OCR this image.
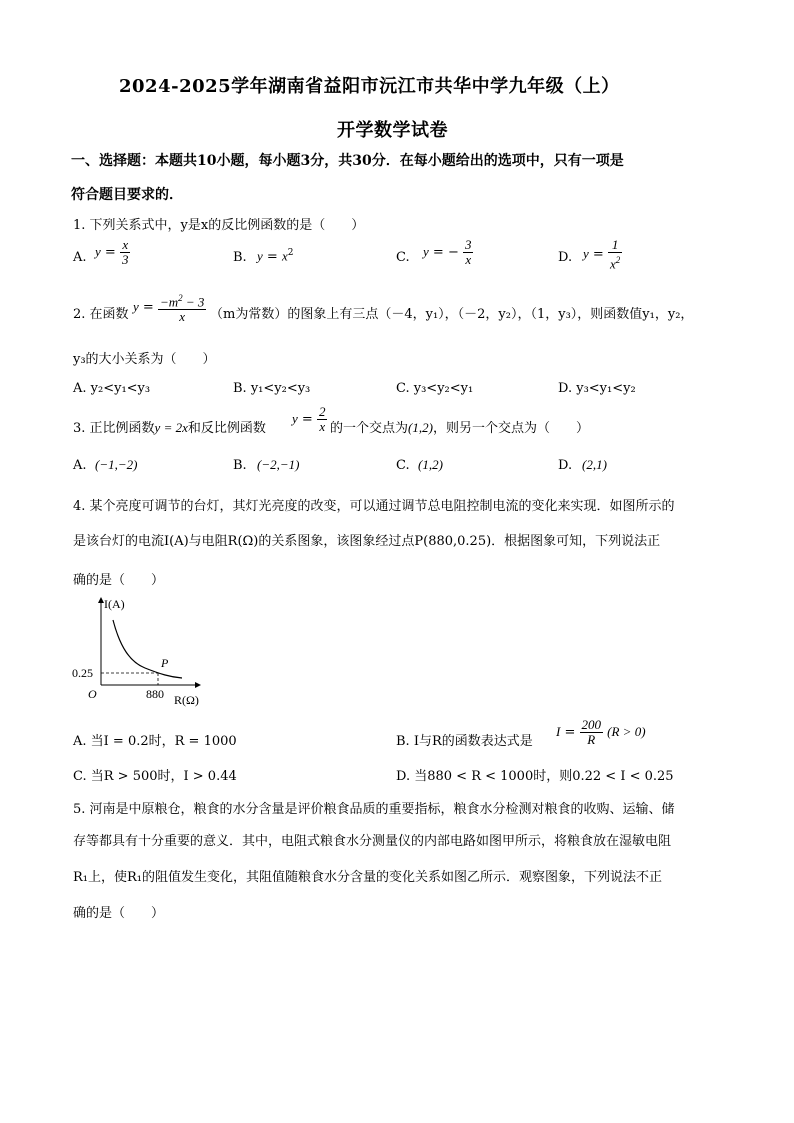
2024-2025学年湖南省益阳市沅江市共华中学九年级（上）
开学数学试卷
一、选择题：本题共10小题，每小题3分，共30分．在每小题给出的选项中，只有一项是
符合题目要求的．
1. 下列关系式中，y是x的反比例函数的是（　　）
A. $y = \frac{x}{3}$	B. $y = x^2$	C. y = − $\frac{3}{x}$	D. $y = \frac{1}{x^2}$
2. 在函数
$y = \frac{-m^2 - 3}{x} (m$为常数）的图象上有三点（－4，y₁），（－2，y₂），（1，y₃），则函数值y₁，y₂，
y₃的大小关系为（　　）
A. y₂<y₁<y₃	B. y₁<y₂<y₃	C. y₃<y₂<y₁	D. y₃<y₁<y₂
3. 正比例函数y = 2x和反比例函数
$y = \frac{2}{x}$ 的一个交点为(1,2)，则另一个交点为（　　）
A. (−1,−2)	B. (−2,−1)	C. (1,2)	D. (2,1)
4. 某个亮度可调节的台灯，其灯光亮度的改变，可以通过调节总电阻控制电流的变化来实现．如图所示的
是该台灯的电流I(A)与电阻R(Ω)的关系图象，该图象经过点P(880,0.25)．根据图象可知，下列说法正
确的是（　　）
I(A)
R(Ω)
O
0.25
880
P
A. 当I = 0.2时，R = 1000	B. I与R的函数表达式是
$I = \frac{200}{R} (R > 0)$
C. 当R > 500时，I > 0.44	D. 当880 < R < 1000时，则0.22 < I < 0.25
5. 河南是中原粮仓，粮食的水分含量是评价粮食品质的重要指标，粮食水分检测对粮食的收购、运输、储
存等都具有十分重要的意义．其中，电阻式粮食水分测量仪的内部电路如图甲所示，将粮食放在湿敏电阻
R₁上，使R₁的阻值发生变化，其阻值随粮食水分含量的变化关系如图乙所示．观察图象，下列说法不正
确的是（　　）
